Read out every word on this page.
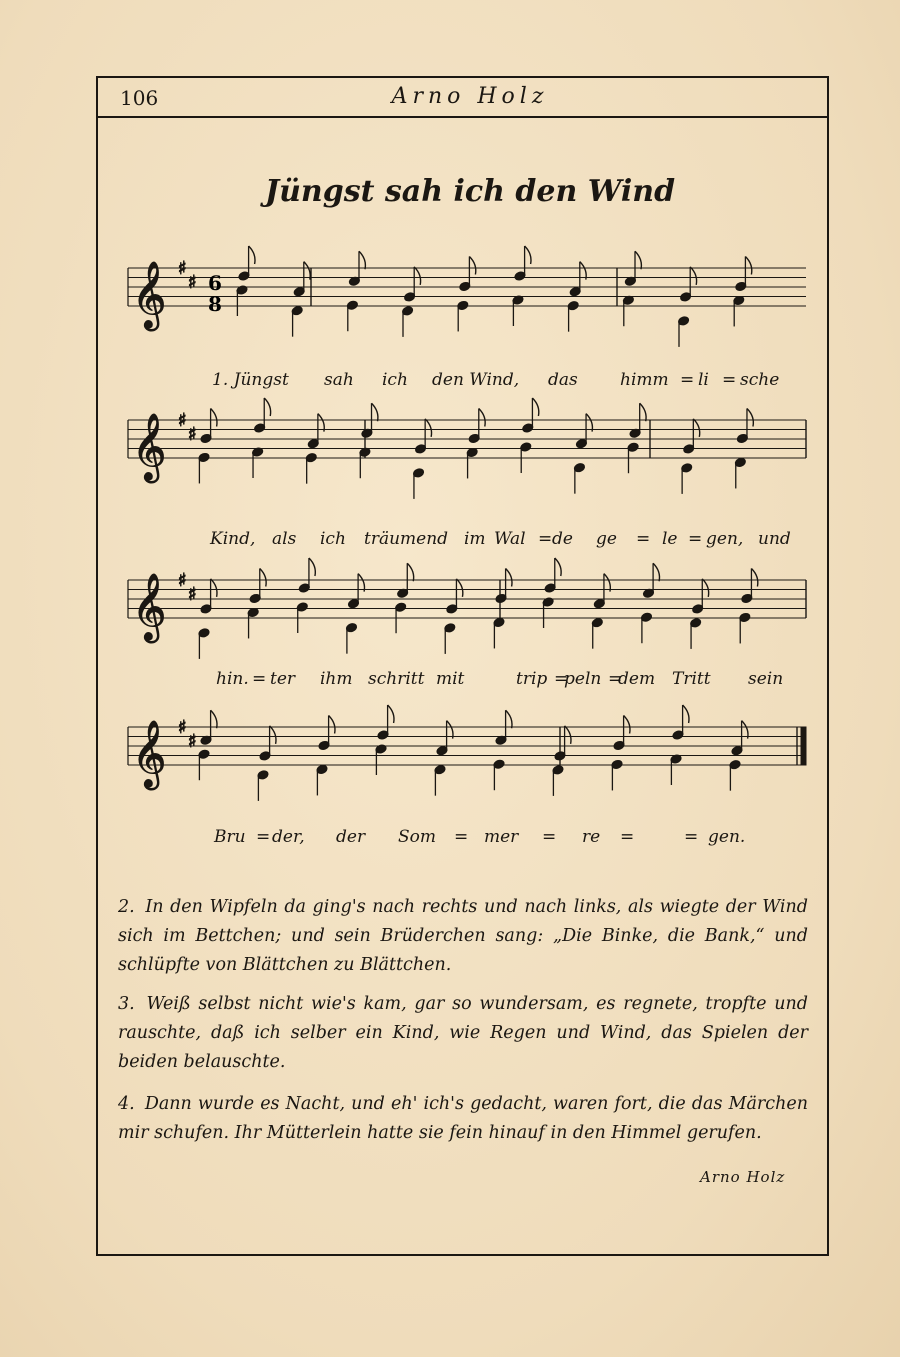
106	Arno Holz
Jüngst sah ich den Wind
𝄞 ♯
♯
𝄞 ♯
♯
𝄞 ♯
♯
𝄞 ♯
♯
6
8
1. Jüngst sah ich den Wind, das himm = li = sche
Kind, als ich träumend im Wal = de ge = le = gen, und
hin. = ter ihm schritt mit	trip =
peln =
dem Tritt sein
Bru = der, der Som = mer = re =	= gen.
2. In den Wipfeln da ging's nach rechts und nach links, als wiegte der Wind sich im Bettchen; und sein Brüderchen sang: „Die Binke, die Bank,“ und schlüpfte von Blättchen zu Blättchen.
3. Weiß selbst nicht wie's kam, gar so wundersam, es regnete, tropfte und rauschte, daß ich selber ein Kind, wie Regen und Wind, das Spielen der beiden belauschte.
4. Dann wurde es Nacht, und eh' ich's gedacht, waren fort, die das Märchen mir schufen. Ihr Mütterlein hatte sie fein hinauf in den Himmel gerufen.
Arno Holz
